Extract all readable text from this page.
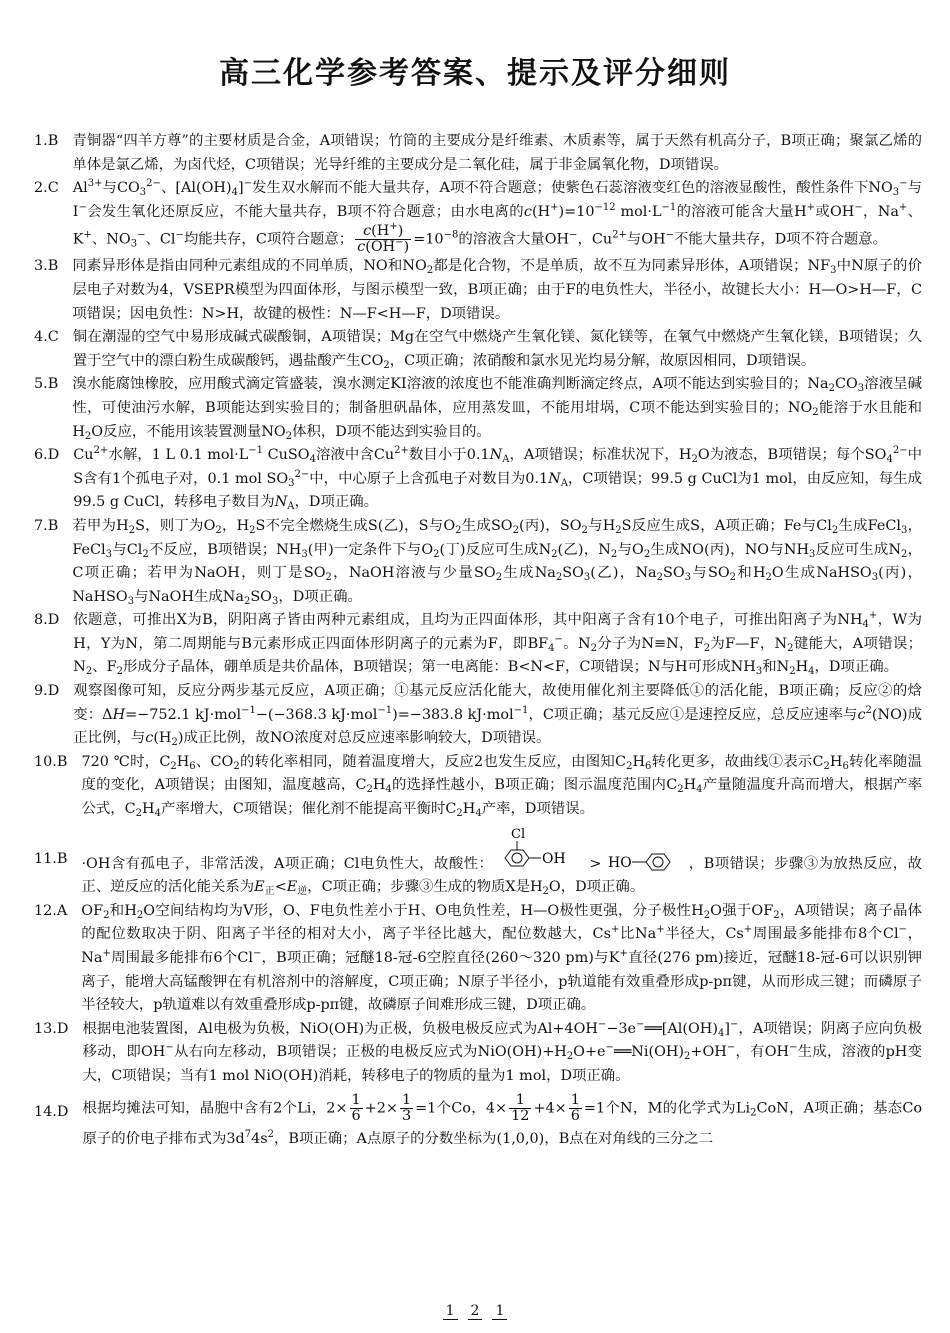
高三化学参考答案、提示及评分细则
1.B 青铜器“四羊方尊”的主要材质是合金，A项错误；竹筒的主要成分是纤维素、木质素等，属于天然有机高分子，B项正确；聚氯乙烯的单体是氯乙烯，为卤代烃，C项错误；光导纤维的主要成分是二氧化硅，属于非金属氧化物，D项错误。
2.C $Al^{3+}$与$CO_3^{2-}$、$[Al(OH)_4]^-$发生双水解而不能大量共存，A项不符合题意；使紫色石蕊溶液变红色的溶液显酸性，酸性条件下$NO_3^-$与I−会发生氧化还原反应，不能大量共存，B项不符合题意；由水电离的$c(H^+)=10^{-12}$ $mol\cdot L^{-1}$的溶液可能含大量H+或OH−，Na+、K+、$NO_3^-$、Cl−均能共存，C项符合题意； $\frac{c(H^+)}{c(OH^-)} =10^{-8}$的溶液含大量OH−，$Cu^{2+}$与OH−不能大量共存，D项不符合题意。
3.B 同素异形体是指由同种元素组成的不同单质，NO和$NO_2$都是化合物，不是单质，故不互为同素异形体，A项错误；$NF_3$中N原子的价层电子对数为4，VSEPR模型为四面体形，与图示模型一致，B项正确；由于F的电负性大，半径小，故键长大小：H—O>H—F，C项错误；因电负性：N>H，故键的极性：N—F<H—F，D项错误。
4.C 铜在潮湿的空气中易形成碱式碳酸铜，A项错误；Mg在空气中燃烧产生氧化镁、氮化镁等，在氧气中燃烧产生氧化镁，B项错误；久置于空气中的漂白粉生成碳酸钙，遇盐酸产生$CO_2$，C项正确；浓硝酸和氯水见光均易分解，故原因相同，D项错误。
5.B 溴水能腐蚀橡胶，应用酸式滴定管盛装，溴水测定KI溶液的浓度也不能准确判断滴定终点，A项不能达到实验目的；$Na_2CO_3$溶液呈碱性，可使油污水解，B项能达到实验目的；制备胆矾晶体，应用蒸发皿，不能用坩埚，C项不能达到实验目的；$NO_2$能溶于水且能和$H_2O$反应，不能用该装置测量$NO_2$体积，D项不能达到实验目的。
6.D $Cu^{2+}$水解，1 L 0.1 $mol\cdot L^{-1}$ CuSO$_4$溶液中含$Cu^{2+}$数目小于$0.1N_A$，A项错误；标准状况下，$H_2O$为液态，B项错误；每个$SO_4^{2-}$中S含有1个孤电子对，0.1 mol $SO_3^{2-}$中，中心原子上含孤电子对数目为$0.1N_A$，C项错误；99.5 g CuCl为1 mol，由反应知，每生成99.5 g CuCl，转移电子数目为$N_A$，D项正确。
7.B 若甲为$H_2S$，则丁为$O_2$，$H_2S$不完全燃烧生成S(乙)，S与$O_2$生成$SO_2$(丙)，$SO_2$与$H_2S$反应生成S，A项正确；Fe与$Cl_2$生成FeCl$_3$，FeCl$_3$与$Cl_2$不反应，B项错误；$NH_3$(甲)一定条件下与$O_2$(丁)反应可生成$N_2$(乙)，$N_2$与$O_2$生成NO(丙)，NO与$NH_3$反应可生成$N_2$，C项正确；若甲为NaOH，则丁是$SO_2$，NaOH溶液与少量$SO_2$生成$Na_2SO_3$(乙)，$Na_2SO_3$与$SO_2$和$H_2O$生成NaHSO$_3$(丙)，NaHSO$_3$与NaOH生成$Na_2SO_3$，D项正确。
8.D 依题意，可推出X为B，阴阳离子皆由两种元素组成，且均为正四面体形，其中阳离子含有10个电子，可推出阳离子为$NH_4^+$，W为H，Y为N，第二周期能与B元素形成正四面体形阴离子的元素为F，即$BF_4^-$。$N_2$分子为N≡N，$F_2$为F—F，$N_2$键能大，A项错误；$N_2$、$F_2$形成分子晶体，硼单质是共价晶体，B项错误；第一电离能：B<N<F，C项错误；N与H可形成$NH_3$和$N_2H_4$，D项正确。
9.D 观察图像可知，反应分两步基元反应，A项正确；①基元反应活化能大，故使用催化剂主要降低①的活化能，B项正确；反应②的焓变：ΔH=−752.1 kJ·mol$^{-1}$−(−368.3 kJ·mol$^{-1}$)=−383.8 kJ·mol$^{-1}$，C项正确；基元反应①是速控反应，总反应速率与$c^2(NO)$成正比例，与$c(H_2)$成正比例，故NO浓度对总反应速率影响较大，D项错误。
10.B 720 ℃时，$C_2H_6$、$CO_2$的转化率相同，随着温度增大，反应2也发生反应，由图知$C_2H_6$转化更多，故曲线①表示$C_2H_6$转化率随温度的变化，A项错误；由图知，温度越高，$C_2H_4$的选择性越小，B项正确；图示温度范围内$C_2H_4$产量随温度升高而增大，根据产率公式，$C_2H_4$产率增大，C项错误；催化剂不能提高平衡时$C_2H_4$产率，D项错误。
11.B ·OH含有孤电子，非常活泼，A项正确；Cl电负性大，故酸性：
Cl
OH > HO	，B项错误；步骤③为放热反应，故正、逆反应的活化能关系为$E_正<E_逆$，C项正确；步骤③生成的物质X是$H_2O$，D项正确。
12.A $OF_2$和$H_2O$空间结构均为V形，O、F电负性差小于H、O电负性差，H—O极性更强，分子极性$H_2O$强于$OF_2$，A项错误；离子晶体的配位数取决于阴、阳离子半径的相对大小，离子半径比越大，配位数越大，Cs+比Na+半径大，Cs+周围最多能排布8个Cl−，Na+周围最多能排布6个Cl−，B项正确；冠醚18-冠-6空腔直径(260～320 pm)与K+直径(276 pm)接近，冠醚18-冠-6可以识别钾离子，能增大高锰酸钾在有机溶剂中的溶解度，C项正确；N原子半径小，p轨道能有效重叠形成p-pπ键，从而形成三键；而磷原子半径较大，p轨道难以有效重叠形成p-pπ键，故磷原子间难形成三键，D项正确。
13.D 根据电池装置图，Al电极为负极，NiO(OH)为正极，负极电极反应式为$Al+4OH^--3e^-══[Al(OH)_4]^-$，A项错误；阴离子应向负极移动，即OH−从右向左移动，B项错误；正极的电极反应式为$NiO(OH)+H_2O+e^-══Ni(OH)_2+OH^-$，有OH−生成，溶液的pH变大，C项错误；当有1 mol NiO(OH)消耗，转移电子的物质的量为1 mol，D项正确。
14.D 根据均摊法可知，晶胞中含有2个Li，$2\times \frac{1}{6} +2\times \frac{1}{3} =1$个Co，$4\times \frac{1}{12} +4\times \frac{1}{6} =1$个N，M的化学式为$Li_2CoN$，A项正确；基态Co原子的价电子排布式为$3d^74s^2$，B项正确；A点原子的分数坐标为(1,0,0)，B点在对角线的三分之二
1 2 1
